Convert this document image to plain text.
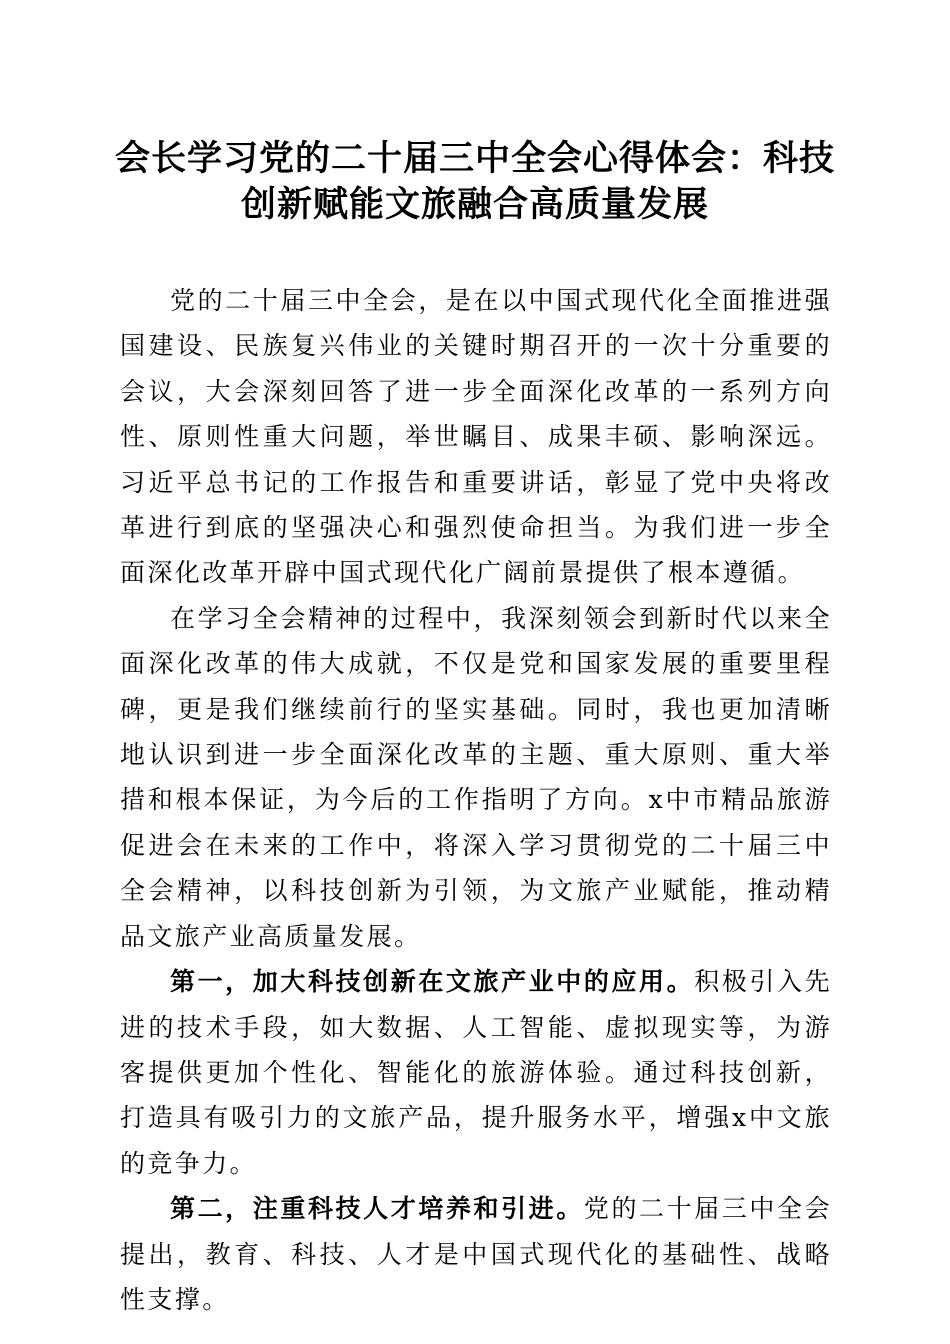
会长学习党的二十届三中全会心得体会：科技创新赋能文旅融合高质量发展

党的二十届三中全会，是在以中国式现代化全面推进强国建设、民族复兴伟业的关键时期召开的一次十分重要的会议，大会深刻回答了进一步全面深化改革的一系列方向性、原则性重大问题，举世瞩目、成果丰硕、影响深远。习近平总书记的工作报告和重要讲话，彰显了党中央将改革进行到底的坚强决心和强烈使命担当。为我们进一步全面深化改革开辟中国式现代化广阔前景提供了根本遵循。

在学习全会精神的过程中，我深刻领会到新时代以来全面深化改革的伟大成就，不仅是党和国家发展的重要里程碑，更是我们继续前行的坚实基础。同时，我也更加清晰地认识到进一步全面深化改革的主题、重大原则、重大举措和根本保证，为今后的工作指明了方向。x中市精品旅游促进会在未来的工作中，将深入学习贯彻党的二十届三中全会精神，以科技创新为引领，为文旅产业赋能，推动精品文旅产业高质量发展。

第一，加大科技创新在文旅产业中的应用。积极引入先进的技术手段，如大数据、人工智能、虚拟现实等，为游客提供更加个性化、智能化的旅游体验。通过科技创新，打造具有吸引力的文旅产品，提升服务水平，增强x中文旅的竞争力。

第二，注重科技人才培养和引进。党的二十届三中全会提出，教育、科技、人才是中国式现代化的基础性、战略性支撑。
